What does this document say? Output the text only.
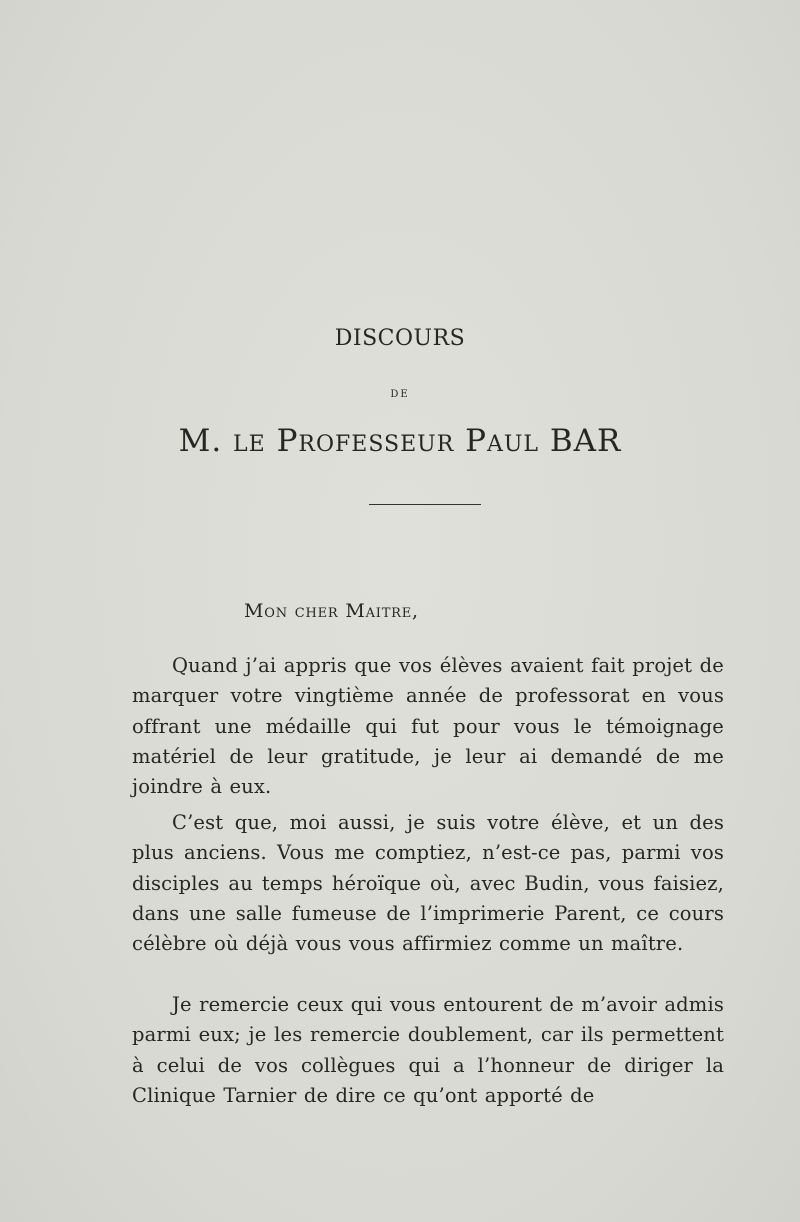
DISCOURS
DE
M. le Professeur Paul BAR
Mon cher Maitre,

Quand j’ai appris que vos élèves avaient fait projet de marquer votre vingtième année de professorat en vous offrant une médaille qui fut pour vous le témoignage matériel de leur gratitude, je leur ai demandé de me joindre à eux.

C’est que, moi aussi, je suis votre élève, et un des plus anciens. Vous me comptiez, n’est-ce pas, parmi vos disciples au temps héroïque où, avec Budin, vous faisiez, dans une salle fumeuse de l’imprimerie Parent, ce cours célèbre où déjà vous vous affirmiez comme un maître.

Je remercie ceux qui vous entourent de m’avoir admis parmi eux; je les remercie doublement, car ils permettent à celui de vos collègues qui a l’honneur de diriger la Clinique Tarnier de dire ce qu’ont apporté de
